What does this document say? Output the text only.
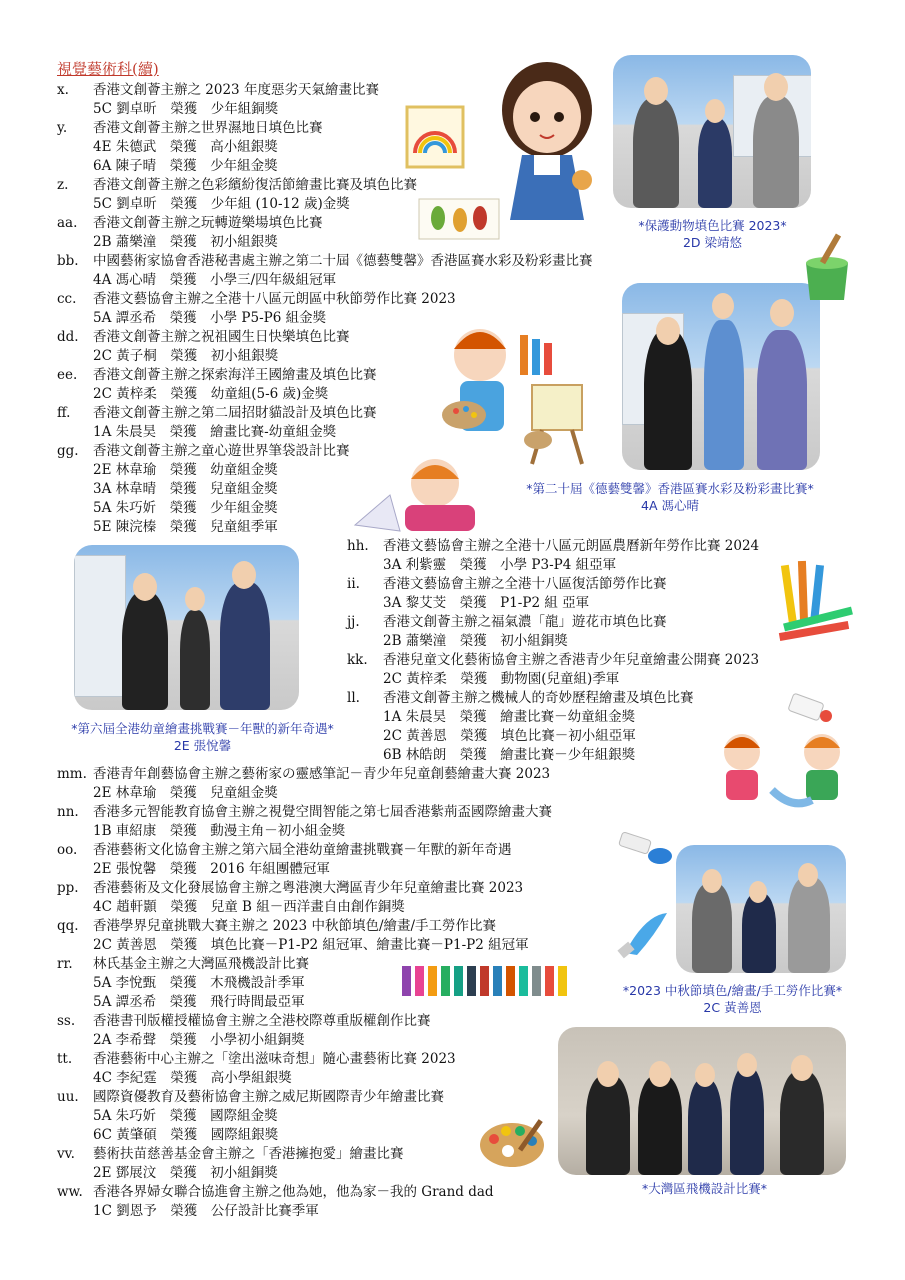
視覺藝術科(續)
x. 香港文創薈主辦之 2023 年度惡劣天氣繪畫比賽
5C 劉卓昕　榮獲　少年組銅獎
y. 香港文創薈主辦之世界濕地日填色比賽
4E 朱德武　榮獲　高小組銀獎
6A 陳子晴　榮獲　少年組金獎
z. 香港文創薈主辦之色彩繽紛復活節繪畫比賽及填色比賽
5C 劉卓昕　榮獲　少年組 (10-12 歲)金獎
aa. 香港文創薈主辦之玩轉遊樂場填色比賽
2B 蕭樂潼　榮獲　初小組銀獎
bb. 中國藝術家協會香港秘書處主辦之第二十屆《德藝雙馨》香港區賽水彩及粉彩畫比賽
4A 馮心晴　榮獲　小學三/四年級組冠軍
cc. 香港文藝協會主辦之全港十八區元朗區中秋節勞作比賽 2023
5A 譚丞希　榮獲　小學 P5-P6 組金獎
dd. 香港文創薈主辦之祝祖國生日快樂填色比賽
2C 黃子桐　榮獲　初小組銀獎
ee. 香港文創薈主辦之探索海洋王國繪畫及填色比賽
2C 黃梓柔　榮獲　幼童組(5-6 歲)金獎
ff. 香港文創薈主辦之第二屆招財貓設計及填色比賽
1A 朱晨昊　榮獲　繪畫比賽-幼童組金獎
gg. 香港文創薈主辦之童心遊世界筆袋設計比賽
2E 林韋瑜　榮獲　幼童組金獎
3A 林韋晴　榮獲　兒童組金獎
5A 朱巧妡　榮獲　少年組金獎
5E 陳浣榛　榮獲　兒童組季軍
hh. 香港文藝協會主辦之全港十八區元朗區農曆新年勞作比賽 2024
3A 利紫靈　榮獲　小學 P3-P4 組亞軍
ii. 香港文藝協會主辦之全港十八區復活節勞作比賽
3A 黎艾芠　榮獲　P1-P2 組 亞軍
jj. 香港文創薈主辦之福氣濃「龍」遊花市填色比賽
2B 蕭樂潼　榮獲　初小組銅獎
kk. 香港兒童文化藝術協會主辦之香港青少年兒童繪畫公開賽 2023
2C 黃梓柔　榮獲　動物園(兒童組)季軍
ll. 香港文創薈主辦之機械人的奇妙歷程繪畫及填色比賽
1A 朱晨昊　榮獲　繪畫比賽－幼童組金獎
2C 黃善恩　榮獲　填色比賽－初小組亞軍
6B 林皓朗　榮獲　繪畫比賽－少年組銀獎
mm. 香港青年創藝協會主辦之藝術家の靈感筆記－青少年兒童創藝繪畫大賽 2023
2E 林韋瑜　榮獲　兒童組金獎
nn. 香港多元智能教育協會主辦之視覺空間智能之第七屆香港紫荊盃國際繪畫大賽
1B 車紹康　榮獲　動漫主角－初小組金獎
oo. 香港藝術文化協會主辦之第六屆全港幼童繪畫挑戰賽－年獸的新年奇遇
2E 張悅馨　榮獲　2016 年組團體冠軍
pp. 香港藝術及文化發展協會主辦之粵港澳大灣區青少年兒童繪畫比賽 2023
4C 趙軒顥　榮獲　兒童 B 組－西洋畫自由創作銅獎
qq. 香港學界兒童挑戰大賽主辦之 2023 中秋節填色/繪畫/手工勞作比賽
2C 黃善恩　榮獲　填色比賽－P1-P2 組冠軍、繪畫比賽－P1-P2 組冠軍
rr. 林氏基金主辦之大灣區飛機設計比賽
5A 李悅甄　榮獲　木飛機設計季軍
5A 譚丞希　榮獲　飛行時間最亞軍
ss. 香港書刊版權授權協會主辦之全港校際尊重版權創作比賽
2A 李希聲　榮獲　小學初小組銅獎
tt. 香港藝術中心主辦之「塗出滋味奇想」隨心畫藝術比賽 2023
4C 李紀霆　榮獲　高小學組銀獎
uu. 國際資優教育及藝術協會主辦之威尼斯國際青少年繪畫比賽
5A 朱巧妡　榮獲　國際組金獎
6C 黃肇碩　榮獲　國際組銀獎
vv. 藝術扶苗慈善基金會主辦之「香港擁抱愛」繪畫比賽
2E 鄧展汶　榮獲　初小組銅獎
ww. 香港各界婦女聯合協進會主辦之他為她，他為家－我的 Grand dad
1C 劉恩予　榮獲　公仔設計比賽季軍
*保護動物填色比賽 2023*
2D 梁靖悠
*第二十屆《德藝雙馨》香港區賽水彩及粉彩畫比賽*
4A 馮心晴
*第六屆全港幼童繪畫挑戰賽－年獸的新年奇遇*
2E 張悅馨
*2023 中秋節填色/繪畫/手工勞作比賽*
2C 黃善恩
*大灣區飛機設計比賽*
